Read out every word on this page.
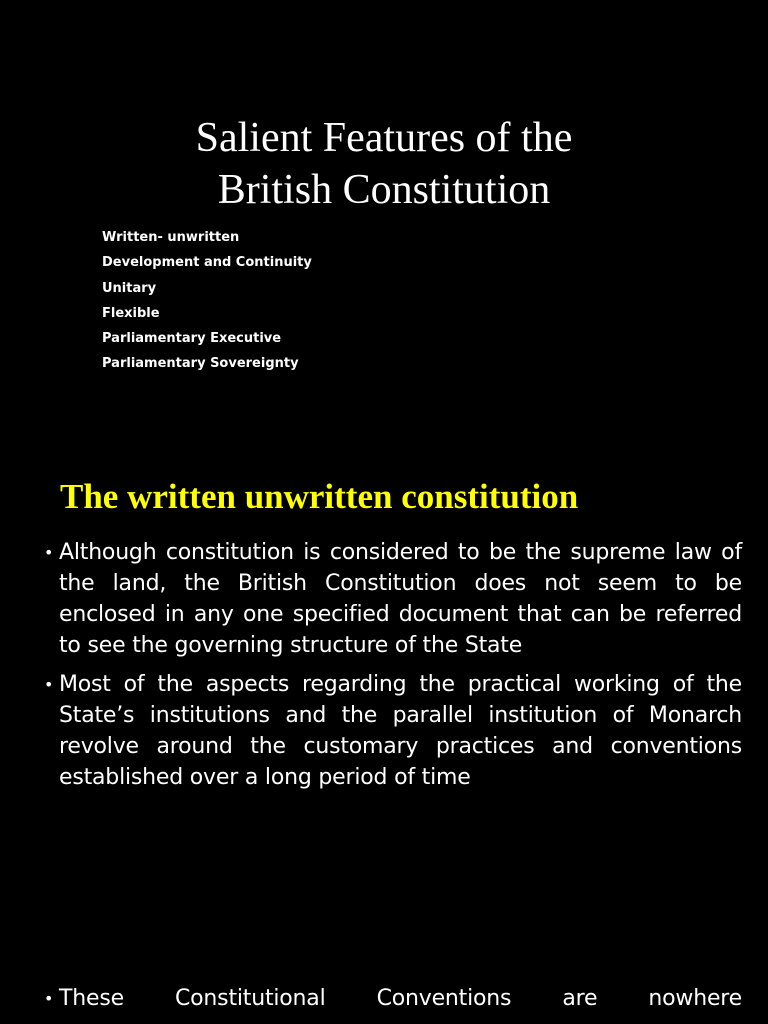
Salient Features of the
British Constitution
Written- unwritten
Development and Continuity
Unitary
Flexible
Parliamentary Executive
Parliamentary Sovereignty
The written unwritten constitution
• Although constitution is considered to be the supreme law of the land, the British Constitution does not seem to be enclosed in any one specified document that can be referred to see the governing structure of the State
• Most of the aspects regarding the practical working of the State’s institutions and the parallel institution of Monarch revolve around the customary practices and conventions established over a long period of time
• These Constitutional Conventions are nowhere
